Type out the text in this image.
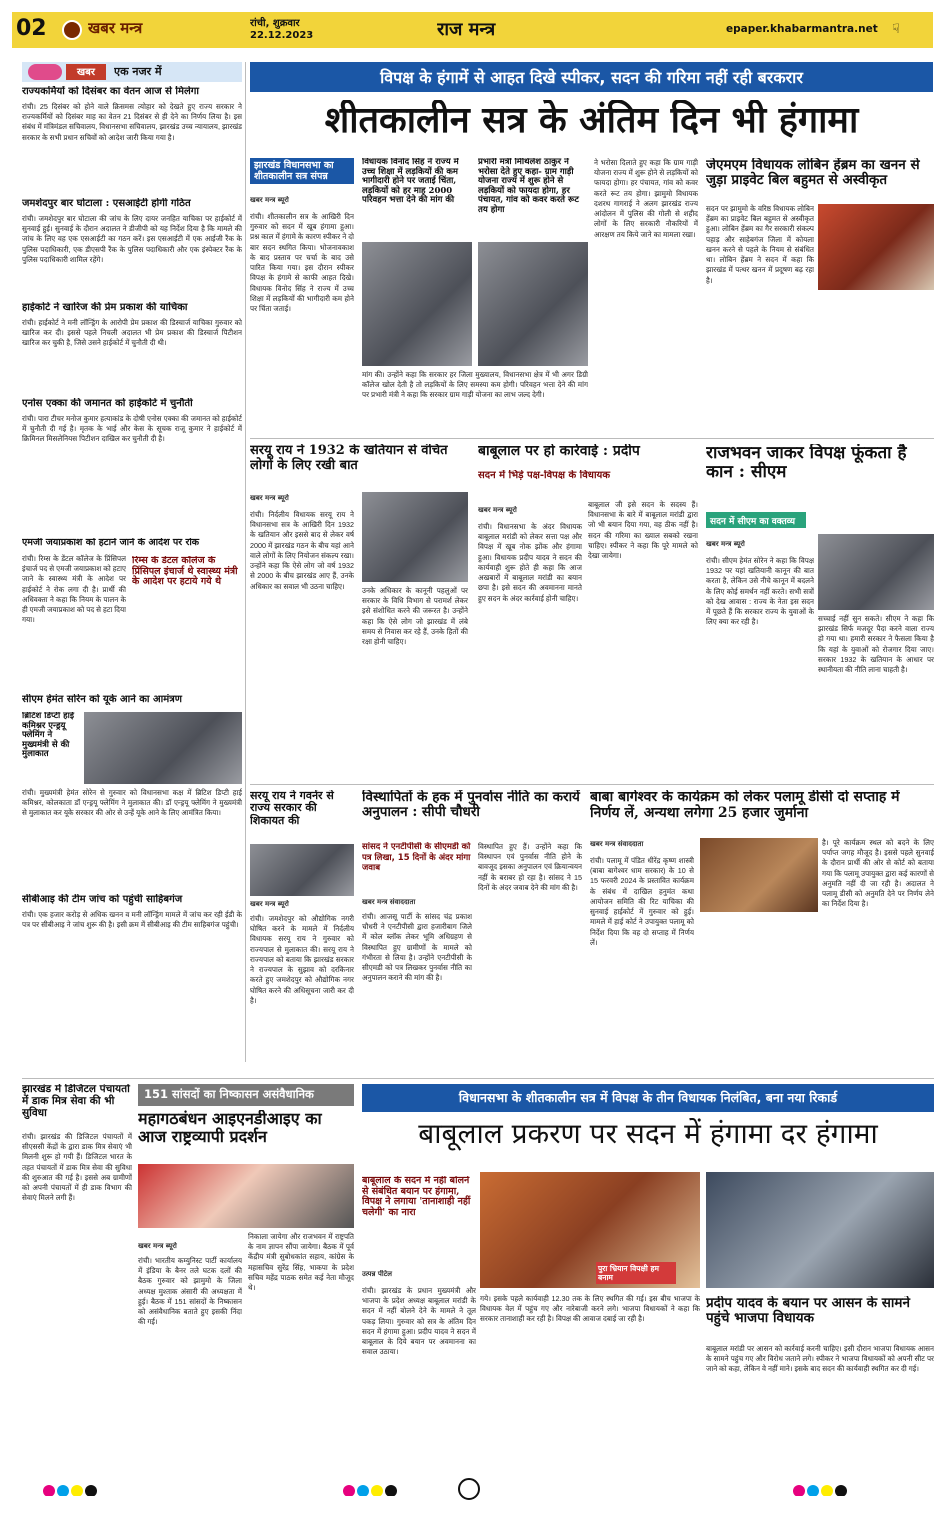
02	खबर मन्त्र	रांची, शुक्रवार
22.12.2023	राज मन्त्र	epaper.khabarmantra.net	☟
विपक्ष के हंगामें से आहत दिखे स्पीकर, सदन की गरिमा नहीं रही बरकरार
शीतकालीन सत्र के अंतिम दिन भी हंगामा
खबर	एक नजर में
राज्यकर्मियों को दिसंबर का वेतन आज से मिलेगा
रांची। 25 दिसंबर को होने वाले क्रिसमस त्योहार को देखते हुए राज्य सरकार ने राज्यकर्मियों को दिसंबर माह का वेतन 21 दिसंबर से ही देने का निर्णय लिया है। इस संबंध में मंत्रिमंडल सचिवालय, विधानसभा सचिवालय, झारखंड उच्च न्यायालय, झारखंड सरकार के सभी प्रधान सचिवों को आदेश जारी किया गया है।
जमशेदपुर बार घोटाला : एसआईटी होगी गठित
रांची। जमशेदपुर बार घोटाला की जांच के लिए दायर जनहित याचिका पर हाईकोर्ट में सुनवाई हुई। सुनवाई के दौरान अदालत ने डीजीपी को यह निर्देश दिया है कि मामले की जांच के लिए वह एक एसआईटी का गठन करें। इस एसआईटी में एक आईजी रैंक के पुलिस पदाधिकारी, एक डीएसपी रैंक के पुलिस पदाधिकारी और एक इंस्पेक्टर रैंक के पुलिस पदाधिकारी शामिल रहेंगे।
हाईकोर्ट ने खारिज की प्रेम प्रकाश की याचिका
रांची। हाईकोर्ट ने मनी लॉन्ड्रिंग के आरोपी प्रेम प्रकाश की डिस्चार्ज याचिका गुरुवार को खारिज कर दी। इससे पहले निचली अदालत भी प्रेम प्रकाश की डिस्चार्ज पिटीशन खारिज कर चुकी है, जिसे उसने हाईकोर्ट में चुनौती दी थी।
एनोस एक्का की जमानत को हाईकोर्ट में चुनौती
रांची। पारा टीचर मनोज कुमार हत्याकांड के दोषी एनोस एक्का की जमानत को हाईकोर्ट में चुनौती दी गई है। मृतक के भाई और केस के सूचक राजू कुमार ने हाईकोर्ट में क्रिमिनल मिसलेनियस पिटीशन दाखिल कर चुनौती दी है।
एमजी जयाप्रकाश को हटाने जाने के आदेश पर रोक
रांची। रिम्स के डेंटल कॉलेज के प्रिंसिपल इंचार्ज पद से एमजी जयाप्रकाश को हटाए जाने के स्वास्थ्य मंत्री के आदेश पर हाईकोर्ट ने रोक लगा दी है। प्रार्थी की अधिवक्ता ने कहा कि नियम के पालन के ही एमजी जयाप्रकाश को पद से हटा दिया गया।
रिम्स के डेंटल कॉलेज के प्रिंसिपल इंचार्ज थे स्वास्थ्य मंत्री के आदेश पर हटाये गये थे
सीएम हेमंत सोरेन को यूके आने का आमंत्रण
ब्रिटिश डिप्टी हाई कमिश्नर एन्ड्रयू फ्लेमिंग ने मुख्यमंत्री से की मुलाकात
रांची। मुख्यमंत्री हेमंत सोरेन से गुरुवार को विधानसभा कक्ष में ब्रिटिश डिप्टी हाई कमिश्नर, कोलकाता डॉ एन्ड्रयू फ्लेमिंग ने मुलाकात की। डॉ एन्ड्रयू फ्लेमिंग ने मुख्यमंत्री से मुलाकात कर यूके सरकार की ओर से उन्हें यूके आने के लिए आमंत्रित किया।
सीबीआइ की टीम जांच को पहुंची साहिबगंज
रांची। एक हजार करोड़ से अधिक खनन व मनी लॉन्ड्रिंग मामले में जांच कर रही ईडी के पत्र पर सीबीआइ ने जांच शुरू की है। इसी क्रम में सीबीआइ की टीम साहिबगंज पहुंची।
झारखंड विधानसभा का शीतकालीन सत्र संपन्न
खबर मन्त्र ब्यूरो
रांची। शीतकालीन सत्र के आखिरी दिन गुरुवार को सदन में खूब हंगामा हुआ। प्रश्न काल में हंगामे के कारण स्पीकर ने दो बार सदन स्थगित किया। भोजनावकाश के बाद प्रस्ताव पर चर्चा के बाद उसे पारित किया गया। इस दौरान स्पीकर विपक्ष के हंगामे से काफी आहत दिखे। विधायक विनोद सिंह ने राज्य में उच्च शिक्षा में लड़कियों की भागीदारी कम होने पर चिंता जताई।
विधायक विनोद सिंह ने राज्य में उच्च शिक्षा में लड़कियों की कम भागीदारी होने पर जताई चिंता, लड़कियों को हर माह 2000 परिवहन भत्ता देने की मांग की
मांग की। उन्होंने कहा कि सरकार हर जिला मुख्यालय, विधानसभा क्षेत्र में भी अगर डिग्री कॉलेज खोल देती है तो लड़कियों के लिए समस्या कम होगी। परिवहन भत्ता देने की मांग पर प्रभारी मंत्री ने कहा कि सरकार ग्राम गाड़ी योजना का लाभ जल्द देगी।
प्रभारी मंत्री मिथिलेश ठाकुर ने भरोसा देते हुए कहा- ग्राम गाड़ी योजना राज्य में शुरू होने से लड़कियों को फायदा होगा, हर पंचायत, गांव को कवर करते रूट तय होगा
ने भरोसा दिलाते हुए कहा कि ग्राम गाड़ी योजना राज्य में शुरू होने से लड़कियों को फायदा होगा। हर पंचायत, गांव को कवर करते रूट तय होगा। झामुमो विधायक दशरथ गागराई ने अलग झारखंड राज्य आंदोलन में पुलिस की गोली से शहीद लोगों के लिए सरकारी नौकरियों में आरक्षण तय किये जाने का मामला रखा।
जेएमएम विधायक लोबिन हेंब्रम का खनन से जुड़ा प्राइवेट बिल बहुमत से अस्वीकृत
सदन पर झामुमो के वरिष्ठ विधायक लोबिन हेंब्रम का प्राइवेट बिल बहुमत से अस्वीकृत हुआ। लोबिन हेंब्रम का गैर सरकारी संकल्प पहाड़ और साहेबगंज जिला में कोयला खनन करने से पहले के नियम से संबंधित था। लोबिन हेंब्रम ने सदन में कहा कि झारखंड में पत्थर खनन में प्रदूषण बढ़ रहा है।
सरयू राय ने 1932 के खतियान से वंचित लोगों के लिए रखी बात
खबर मन्त्र ब्यूरो
रांची। निर्दलीय विधायक सरयू राय ने विधानसभा सत्र के आखिरी दिन 1932 के खतियान और इससे बाद से लेकर वर्ष 2000 में झारखंड गठन के बीच यहां आने वाले लोगों के लिए नियोजन संकल्प रखा। उन्होंने कहा कि ऐसे लोग जो वर्ष 1932 से 2000 के बीच झारखंड आए हैं, उनके अधिकार का सवाल भी उठना चाहिए।	उनके अधिकार के कानूनी पहलुओं पर सरकार के विधि विभाग से परामर्श लेकर इसे संशोधित करने की जरूरत है। उन्होंने कहा कि ऐसे लोग जो झारखंड में लंबे समय से निवास कर रहे हैं, उनके हितों की रक्षा होनी चाहिए।
बाबूलाल पर हो कार्रवाई : प्रदीप
सदन में भिड़े पक्ष-विपक्ष के विधायक
खबर मन्त्र ब्यूरो
रांची। विधानसभा के अंदर विधायक बाबूलाल मरांडी को लेकर सत्ता पक्ष और विपक्ष में खूब नोक झोंक और हंगामा हुआ। विधायक प्रदीप यादव ने सदन की कार्यवाही शुरू होते ही कहा कि आज अखबारों में बाबूलाल मरांडी का बयान छपा है। इसे सदन की अवमानना मानते हुए सदन के अंदर कार्रवाई होनी चाहिए।
बाबूलाल जी इसे सदन के सदस्य हैं। विधानसभा के बारे में बाबूलाल मरांडी द्वारा जो भी बयान दिया गया, वह ठीक नहीं है। सदन की गरिमा का ख्याल सबको रखना चाहिए। स्पीकर ने कहा कि पूरे मामले को देखा जायेगा।
राजभवन जाकर विपक्ष फूंकता है कान : सीएम
सदन में सीएम का वक्तव्य
खबर मन्त्र ब्यूरो
रांची। सीएम हेमंत सोरेन ने कहा कि विपक्ष 1932 पर यहां खतियानी कानून की बात करता है, लेकिन उसे नीचे कानून में बदलने के लिए कोई समर्थन नहीं करते। सभी सत्रों को देख आवास : राज्य के नेता इस सदन में पूछते हैं कि सरकार राज्य के युवाओं के लिए क्या कर रही है।	सच्चाई नहीं सुन सकते। सीएम ने कहा कि झारखंड सिर्फ मजदूर पैदा करने वाला राज्य हो गया था। हमारी सरकार ने फैसला किया है कि यहां के युवाओं को रोजगार दिया जाए। सरकार 1932 के खतियान के आधार पर स्थानीयता की नीति लाना चाहती है।
सरयू राय ने गवर्नर से राज्य सरकार की शिकायत की
खबर मन्त्र ब्यूरो
रांची। जमशेदपुर को औद्योगिक नगरी घोषित करने के मामले में निर्दलीय विधायक सरयू राय ने गुरुवार को राज्यपाल से मुलाकात की। सरयू राय ने राज्यपाल को बताया कि झारखंड सरकार ने राज्यपाल के सुझाव को दरकिनार करते हुए जमशेदपुर को औद्योगिक नगर घोषित करने की अधिसूचना जारी कर दी है।
विस्थापितों के हक में पुनर्वास नीति का करायें अनुपालन : सीपी चौधरी
सांसद ने एनटीपीसी के सीएमडी को पत्र लिखा, 15 दिनों के अंदर मांगा जवाब
खबर मन्त्र संवाददाता
रांची। आजसू पार्टी के सांसद चंद्र प्रकाश चौधरी ने एनटीपीसी द्वारा हजारीबाग जिले में कोल ब्लॉक लेकर भूमि अधिग्रहण से विस्थापित हुए ग्रामीणों के मामले को गंभीरता से लिया है। उन्होंने एनटीपीसी के सीएमडी को पत्र लिखकर पुनर्वास नीति का अनुपालन कराने की मांग की है।
विस्थापित हुए हैं। उन्होंने कहा कि विस्थापन एवं पुनर्वास नीति होने के बावजूद इसका अनुपालन एवं क्रियान्वयन नहीं के बराबर हो रहा है। सांसद ने 15 दिनों के अंदर जवाब देने की मांग की है।
बाबा बागेश्वर के कार्यक्रम को लेकर पलामू डीसी दो सप्ताह में निर्णय लें, अन्यथा लगेगा 25 हजार जुर्माना
खबर मन्त्र संवाददाता
रांची। पलामू में पंडित धीरेंद्र कृष्ण शास्त्री (बाबा बागेश्वर धाम सरकार) के 10 से 15 फरवरी 2024 के प्रस्तावित कार्यक्रम के संबंध में दाखिल हनुमंत कथा आयोजन समिति की रिट याचिका की सुनवाई हाईकोर्ट में गुरुवार को हुई। मामले में हाई कोर्ट ने उपायुक्त पलामू को निर्देश दिया कि वह दो सप्ताह में निर्णय लें।
है। पूरे कार्यक्रम स्थल को बदने के लिए पर्याप्त जगह मौजूद है। इससे पहले सुनवाई के दौरान प्रार्थी की ओर से कोर्ट को बताया गया कि पलामू उपायुक्त द्वारा कई कारणों से अनुमति नहीं दी जा रही है। अदालत ने पलामू डीसी को अनुमति देने पर निर्णय लेने का निर्देश दिया है।
झारखंड में डिजिटल पंचायतों में डाक मित्र सेवा की भी सुविधा
रांची। झारखंड की डिजिटल पंचायतों में सीएससी केंद्रों के द्वारा डाक मित्र सेवाएं भी मिलनी शुरू हो गयी हैं। डिजिटल भारत के तहत पंचायतों में डाक मित्र सेवा की सुविधा की शुरुआत की गई है। इससे अब ग्रामीणों को अपनी पंचायतों में ही डाक विभाग की सेवाएं मिलने लगी हैं।
151 सांसदों का निष्कासन असंवैधानिक
महागठबंधन आइएनडीआइए का आज राष्ट्रव्यापी प्रदर्शन
खबर मन्त्र ब्यूरो
रांची। भारतीय कम्युनिस्ट पार्टी कार्यालय में इंडिया के बैनर तले घटक दलों की बैठक गुरुवार को झामुमो के जिला अध्यक्ष मुश्ताक अंसारी की अध्यक्षता में हुई। बैठक में 151 सांसदों के निष्कासन को असंवैधानिक बताते हुए इसकी निंदा की गई।
निकाला जायेगा और राजभवन में राष्ट्रपति के नाम ज्ञापन सौंपा जायेगा। बैठक में पूर्व केंद्रीय मंत्री सुबोधकांत सहाय, कांग्रेस के महासचिव सुरेंद्र सिंह, भाकपा के प्रदेश सचिव महेंद्र पाठक समेत कई नेता मौजूद थे।
विधानसभा के शीतकालीन सत्र में विपक्ष के तीन विधायक निलंबित, बना नया रिकार्ड
बाबूलाल प्रकरण पर सदन में हंगामा दर हंगामा
बाबूलाल के सदन में नहीं बोलने से संबंधित बयान पर हंगामा, विपक्ष ने लगाया 'तानाशाही नहीं चलेगी' का नारा
पुरा भ्रियान विपक्षी हम बनाम
उत्पन्न पीटेल
रांची। झारखंड के प्रधान मुख्यमंत्री और भाजपा के प्रदेश अध्यक्ष बाबूलाल मरांडी के सदन में नहीं बोलने देने के मामले ने तूल पकड़ लिया। गुरुवार को सत्र के अंतिम दिन सदन में हंगामा हुआ। प्रदीप यादव ने सदन में बाबूलाल के दिये बयान पर अवमानना का सवाल उठाया।
गये। इसके पहले कार्यवाही 12.30 तक के लिए स्थगित की गई। इस बीच भाजपा के विधायक वेल में पहुंच गए और नारेबाजी करने लगे। भाजपा विधायकों ने कहा कि सरकार तानाशाही कर रही है। विपक्ष की आवाज दबाई जा रही है।
प्रदीप यादव के बयान पर आसन के सामने पहुंचे भाजपा विधायक
बाबूलाल मरांडी पर आसन को कार्रवाई करनी चाहिए। इसी दौरान भाजपा विधायक आसन के सामने पहुंच गए और विरोध जताने लगे। स्पीकर ने भाजपा विधायकों को अपनी सीट पर जाने को कहा, लेकिन वे नहीं माने। इसके बाद सदन की कार्यवाही स्थगित कर दी गई।
